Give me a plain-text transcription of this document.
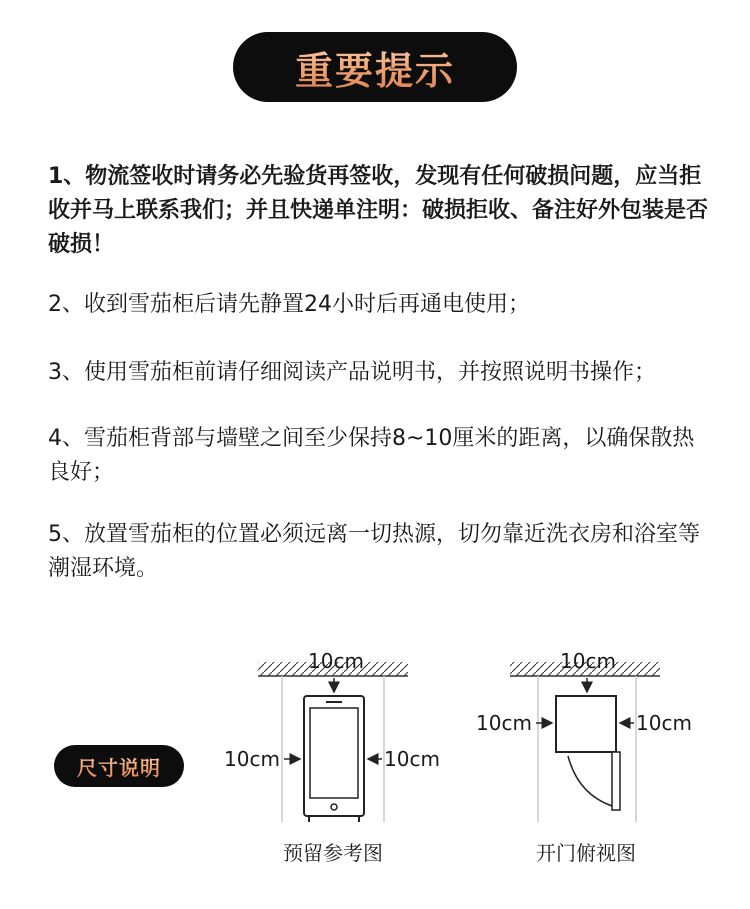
重要提示

1、物流签收时请务必先验货再签收，发现有任何破损问题，应当拒收并马上联系我们；并且快递单注明：破损拒收、备注好外包装是否破损！

2、收到雪茄柜后请先静置24小时后再通电使用；

3、使用雪茄柜前请仔细阅读产品说明书，并按照说明书操作；

4、雪茄柜背部与墙壁之间至少保持8~10厘米的距离，以确保散热良好；

5、放置雪茄柜的位置必须远离一切热源，切勿靠近洗衣房和浴室等潮湿环境。

尺寸说明
10cm
10cm	10cm
预留参考图
10cm
10cm	10cm
开门俯视图
